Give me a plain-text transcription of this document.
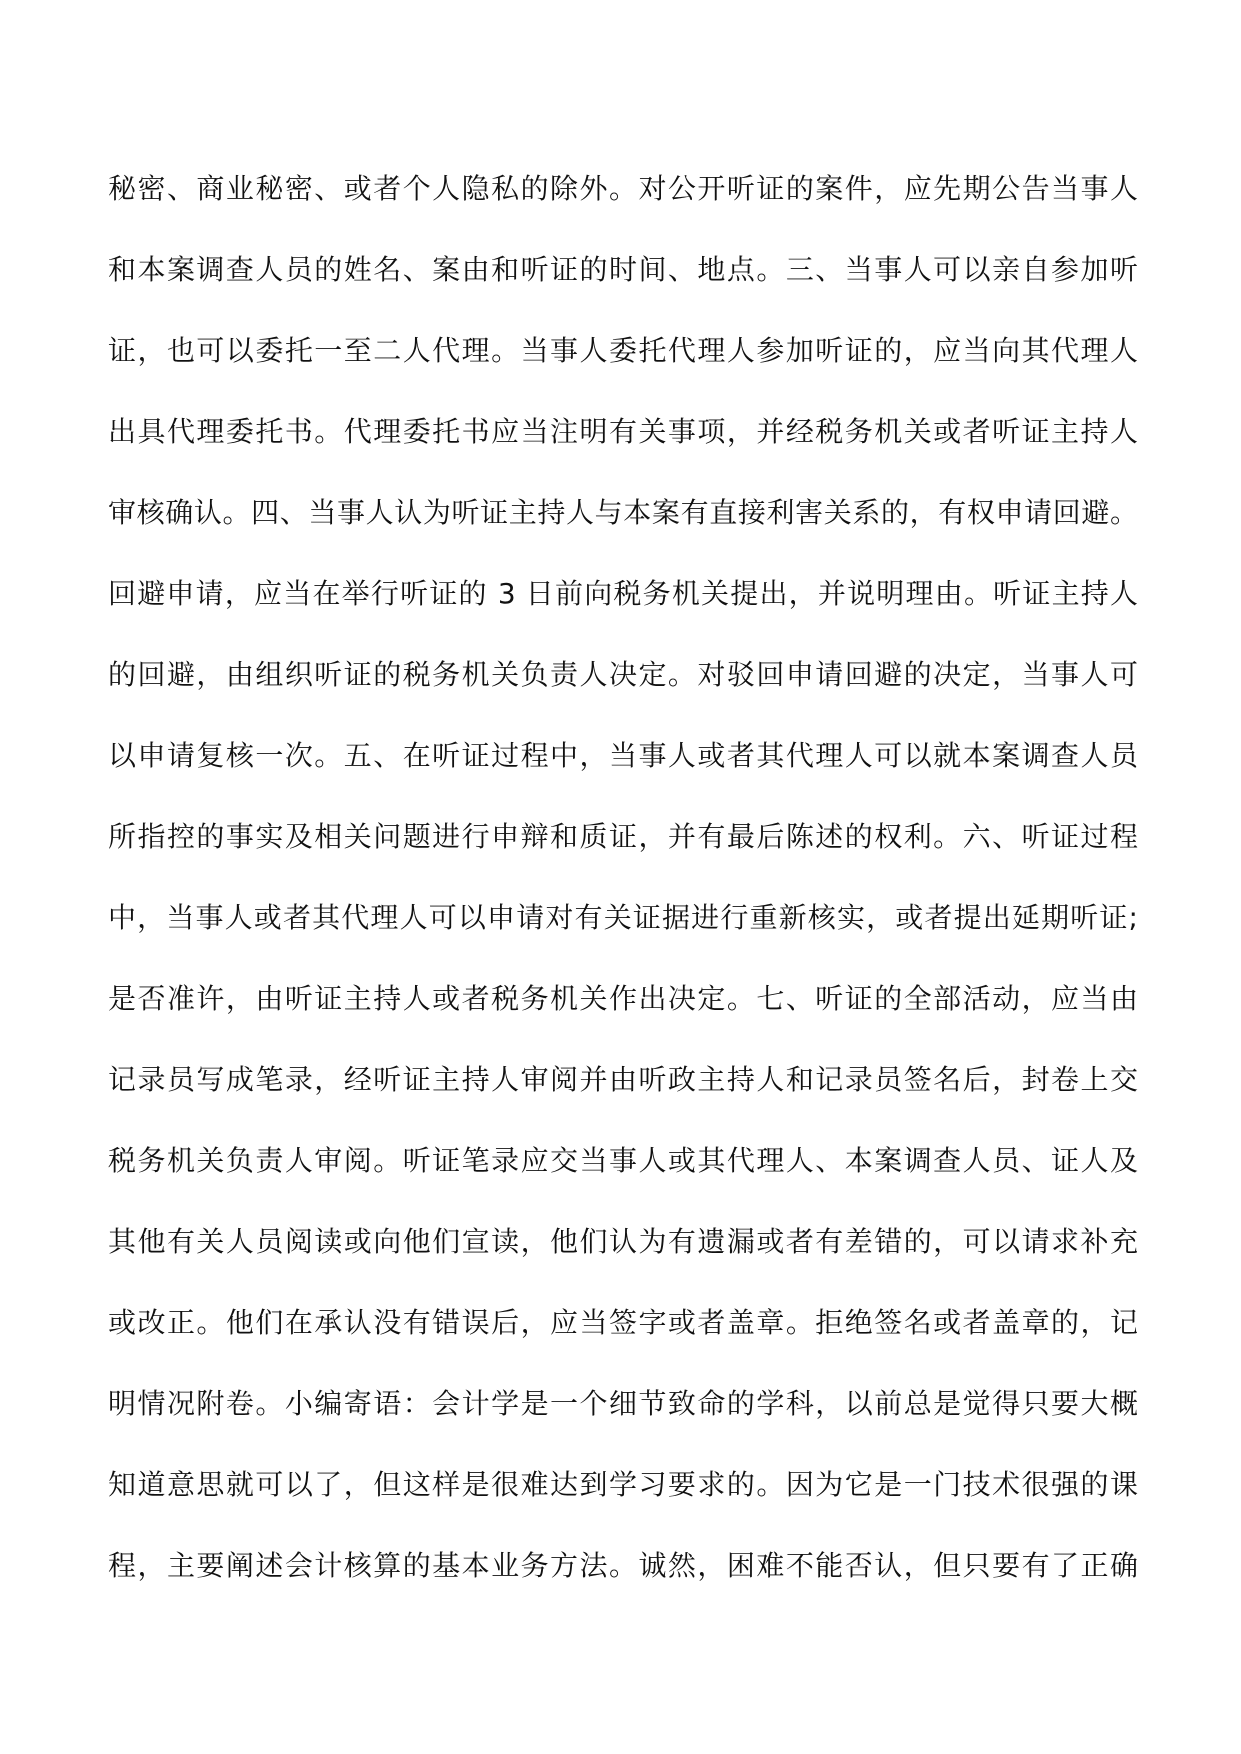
秘密、商业秘密、或者个人隐私的除外。对公开听证的案件，应先期公告当事人
和本案调查人员的姓名、案由和听证的时间、地点。三、当事人可以亲自参加听
证，也可以委托一至二人代理。当事人委托代理人参加听证的，应当向其代理人
出具代理委托书。代理委托书应当注明有关事项，并经税务机关或者听证主持人
审核确认。四、当事人认为听证主持人与本案有直接利害关系的，有权申请回避。
回避申请，应当在举行听证的 3 日前向税务机关提出，并说明理由。听证主持人
的回避，由组织听证的税务机关负责人决定。对驳回申请回避的决定，当事人可
以申请复核一次。五、在听证过程中，当事人或者其代理人可以就本案调查人员
所指控的事实及相关问题进行申辩和质证，并有最后陈述的权利。六、听证过程
中，当事人或者其代理人可以申请对有关证据进行重新核实，或者提出延期听证;
是否准许，由听证主持人或者税务机关作出决定。七、听证的全部活动，应当由
记录员写成笔录，经听证主持人审阅并由听政主持人和记录员签名后，封卷上交
税务机关负责人审阅。听证笔录应交当事人或其代理人、本案调查人员、证人及
其他有关人员阅读或向他们宣读，他们认为有遗漏或者有差错的，可以请求补充
或改正。他们在承认没有错误后，应当签字或者盖章。拒绝签名或者盖章的，记
明情况附卷。小编寄语：会计学是一个细节致命的学科，以前总是觉得只要大概
知道意思就可以了，但这样是很难达到学习要求的。因为它是一门技术很强的课
程，主要阐述会计核算的基本业务方法。诚然，困难不能否认，但只要有了正确
